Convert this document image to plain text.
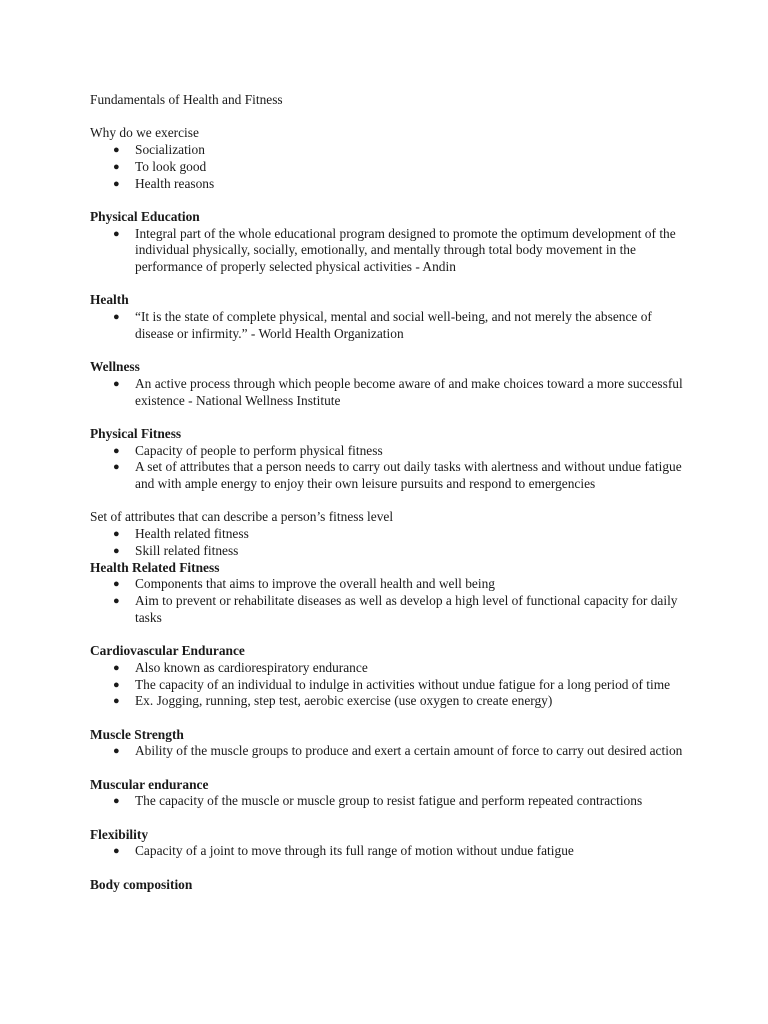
Fundamentals of Health and Fitness

Why do we exercise

● Socialization
● To look good
● Health reasons

Physical Education

● Integral part of the whole educational program designed to promote the optimum development of the individual physically, socially, emotionally, and mentally through total body movement in the performance of properly selected physical activities - Andin

Health

● “It is the state of complete physical, mental and social well-being, and not merely the absence of disease or infirmity.” - World Health Organization

Wellness

● An active process through which people become aware of and make choices toward a more successful existence - National Wellness Institute

Physical Fitness

● Capacity of people to perform physical fitness
● A set of attributes that a person needs to carry out daily tasks with alertness and without undue fatigue and with ample energy to enjoy their own leisure pursuits and respond to emergencies

Set of attributes that can describe a person’s fitness level

● Health related fitness
● Skill related fitness

Health Related Fitness

● Components that aims to improve the overall health and well being
● Aim to prevent or rehabilitate diseases as well as develop a high level of functional capacity for daily tasks

Cardiovascular Endurance

● Also known as cardiorespiratory endurance
● The capacity of an individual to indulge in activities without undue fatigue for a long period of time
● Ex. Jogging, running, step test, aerobic exercise (use oxygen to create energy)

Muscle Strength

● Ability of the muscle groups to produce and exert a certain amount of force to carry out desired action

Muscular endurance

● The capacity of the muscle or muscle group to resist fatigue and perform repeated contractions

Flexibility

● Capacity of a joint to move through its full range of motion without undue fatigue

Body composition
